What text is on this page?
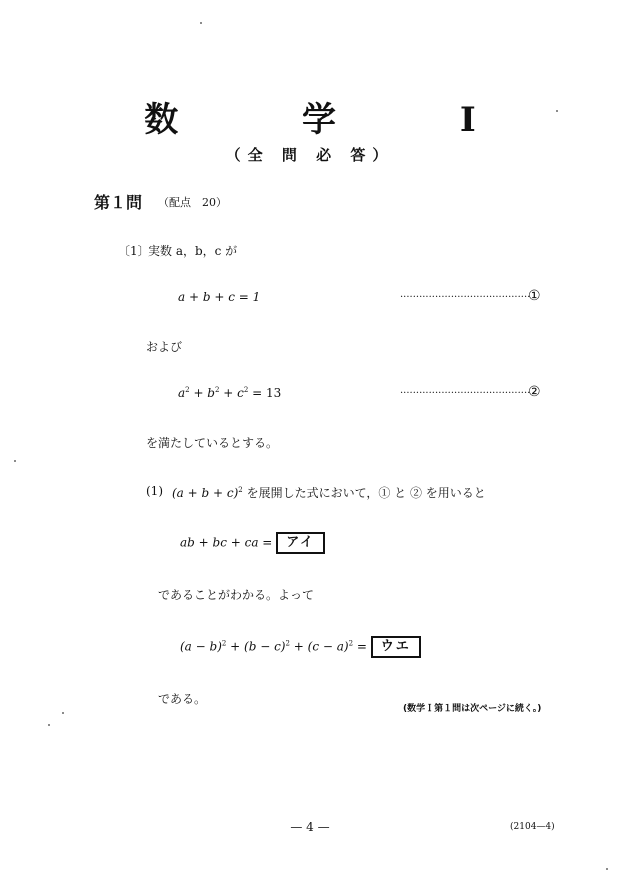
数 学 I
（全 問 必 答）
第１問 （配点　20）
〔1〕
実数 a，b，c が
a + b + c = 1	·········································
①
および
$a^2 + b^2 + c^2 = 13$	·········································
②
を満たしているとする。
(1) $(a + b + c)^2$ を展開した式において，① と ② を用いると
ab + bc + ca = アイ
であることがわかる。よって
$(a - b)^2 + (b - c)^2 + (c - a)^2$ = ウエ
である。
(数学Ｉ第１問は次ページに続く。)
— 4 —	(2104—4)
